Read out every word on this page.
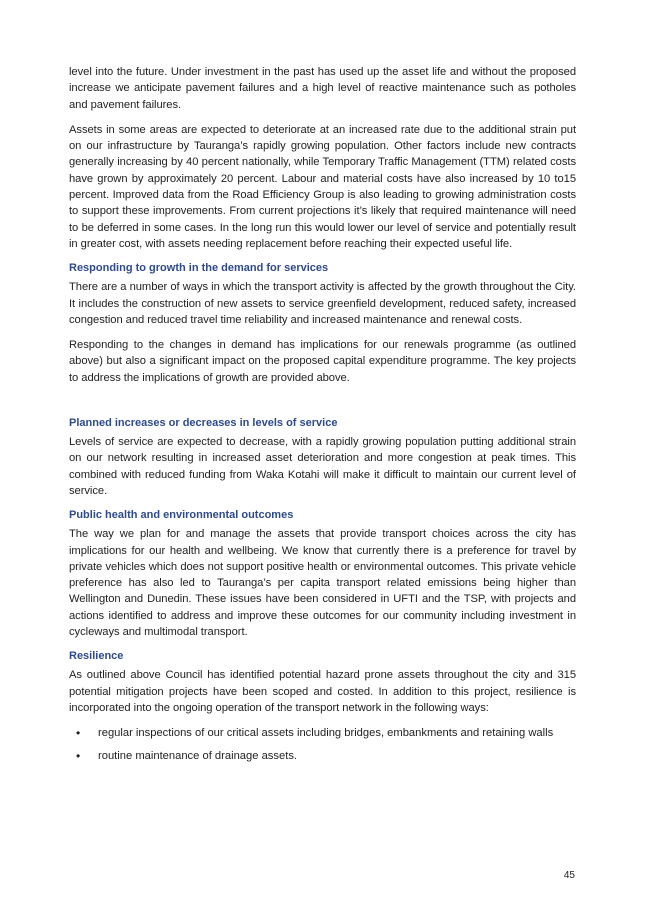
level into the future. Under investment in the past has used up the asset life and without the proposed increase we anticipate pavement failures and a high level of reactive maintenance such as potholes and pavement failures.

Assets in some areas are expected to deteriorate at an increased rate due to the additional strain put on our infrastructure by Tauranga’s rapidly growing population. Other factors include new contracts generally increasing by 40 percent nationally, while Temporary Traffic Management (TTM) related costs have grown by approximately 20 percent. Labour and material costs have also increased by 10 to15 percent. Improved data from the Road Efficiency Group is also leading to growing administration costs to support these improvements. From current projections it’s likely that required maintenance will need to be deferred in some cases. In the long run this would lower our level of service and potentially result in greater cost, with assets needing replacement before reaching their expected useful life.

Responding to growth in the demand for services

There are a number of ways in which the transport activity is affected by the growth throughout the City. It includes the construction of new assets to service greenfield development, reduced safety, increased congestion and reduced travel time reliability and increased maintenance and renewal costs.

Responding to the changes in demand has implications for our renewals programme (as outlined above) but also a significant impact on the proposed capital expenditure programme. The key projects to address the implications of growth are provided above.

Planned increases or decreases in levels of service

Levels of service are expected to decrease, with a rapidly growing population putting additional strain on our network resulting in increased asset deterioration and more congestion at peak times. This combined with reduced funding from Waka Kotahi will make it difficult to maintain our current level of service.

Public health and environmental outcomes

The way we plan for and manage the assets that provide transport choices across the city has implications for our health and wellbeing. We know that currently there is a preference for travel by private vehicles which does not support positive health or environmental outcomes. This private vehicle preference has also led to Tauranga’s per capita transport related emissions being higher than Wellington and Dunedin. These issues have been considered in UFTI and the TSP, with projects and actions identified to address and improve these outcomes for our community including investment in cycleways and multimodal transport.

Resilience

As outlined above Council has identified potential hazard prone assets throughout the city and 315 potential mitigation projects have been scoped and costed. In addition to this project, resilience is incorporated into the ongoing operation of the transport network in the following ways:

• regular inspections of our critical assets including bridges, embankments and retaining walls
• routine maintenance of drainage assets.
45
